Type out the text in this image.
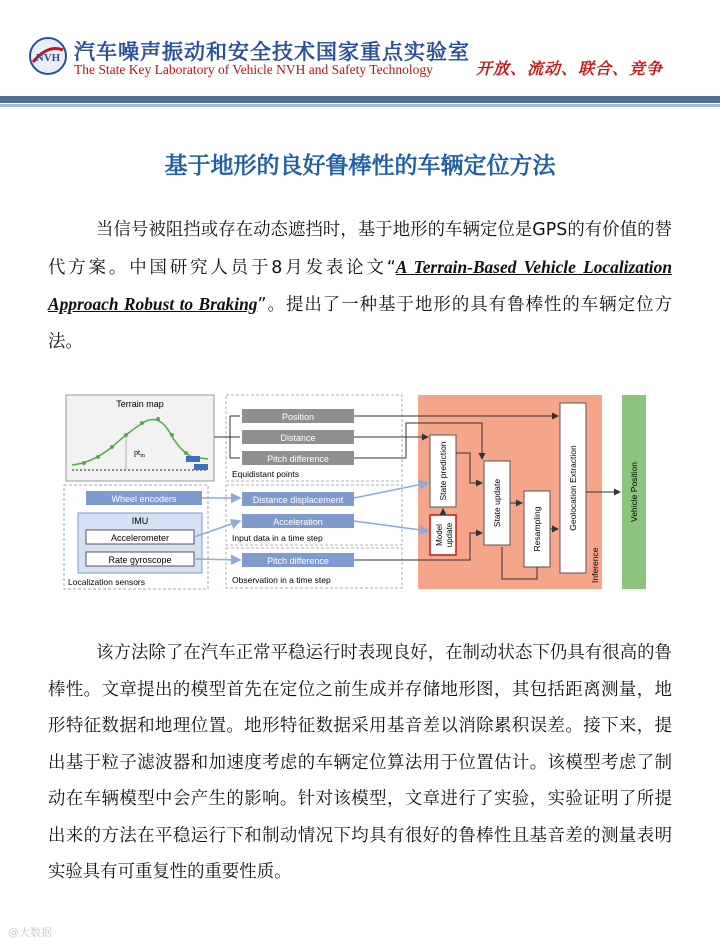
NVH 汽车噪声振动和安全技术国家重点实验室
The State Key Laboratory of Vehicle NVH and Safety Technology	开放、流动、联合、竞争
基于地形的良好鲁棒性的车辆定位方法
当信号被阻挡或存在动态遮挡时，基于地形的车辆定位是GPS的有价值的替代方案。中国研究人员于8月发表论文“A Terrain-Based Vehicle Localization Approach Robust to Braking”。提出了一种基于地形的具有鲁棒性的车辆定位方法。
Terrain map
$pt_m$
Position
Distance
Pitch difference
Equidistant points
Wheel encoders
IMU
Accelerometer
Rate gyroscope
Localization sensors
Distance displacement
Acceleration
Input data in a time step
Pitch difference
Observation in a time step	Inference
State prediction
Model update
State update
Resampling	Geolocation Extraction	Vehicle Position
该方法除了在汽车正常平稳运行时表现良好，在制动状态下仍具有很高的鲁棒性。文章提出的模型首先在定位之前生成并存储地形图，其包括距离测量，地形特征数据和地理位置。地形特征数据采用基音差以消除累积误差。接下来，提出基于粒子滤波器和加速度考虑的车辆定位算法用于位置估计。该模型考虑了制动在车辆模型中会产生的影响。针对该模型，文章进行了实验，实验证明了所提出来的方法在平稳运行下和制动情况下均具有很好的鲁棒性且基音差的测量表明实验具有可重复性的重要性质。
@大数据
